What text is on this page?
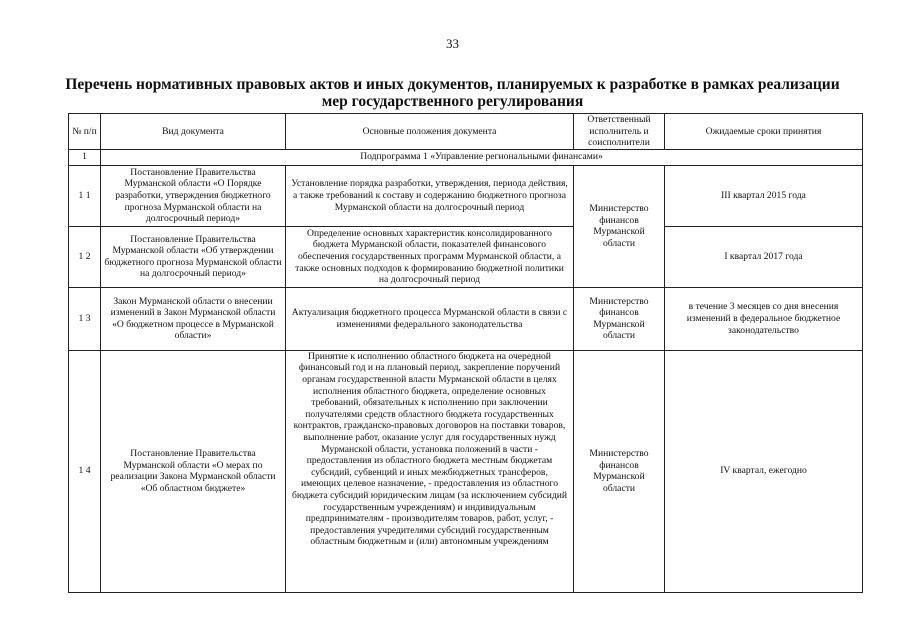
33
Перечень нормативных правовых актов и иных документов, планируемых к разработке в рамках реализации
мер государственного регулирования
№ п/п	Вид документа	Основные положения документа	Ответственный исполнитель и соисполнители	Ожидаемые сроки принятия
1	Подпрограмма 1 «Управление региональными финансами»			
1 1	Постановление Правительства Мурманской области «О Порядке разработки, утверждения бюджетного прогноза Мурманской области на долгосрочный период»	Установление порядка разработки, утверждения, периода действия, а также требований к составу и содержанию бюджетного прогноза Мурманской области на долгосрочный период	Министерство финансов Мурманской области	III квартал 2015 года
1 2	Постановление Правительства Мурманской области «Об утверждении бюджетного прогноза Мурманской области на долгосрочный период»	Определение основных характеристик консолидированного бюджета Мурманской области, показателей финансового обеспечения государственных программ Мурманской области, а также основных подходов к формированию бюджетной политики на долгосрочный период		I квартал 2017 года
1 3	Закон Мурманской области о внесении изменений в Закон Мурманской области «О бюджетном процессе в Мурманской области»	Актуализация бюджетного процесса Мурманской области в связи с изменениями федерального законодательства	Министерство финансов Мурманской области	в течение 3 месяцев со дня внесения изменений в федеральное бюджетное законодательство
1 4	Постановление Правительства Мурманской области «О мерах по реализации Закона Мурманской области «Об областном бюджете»	Принятие к исполнению областного бюджета на очередной финансовый год и на плановый период, закрепление поручений органам государственной власти Мурманской области в целях исполнения областного бюджета, определение основных требований, обязательных к исполнению при заключении получателями средств областного бюджета государственных контрактов, гражданско-правовых договоров на поставки товаров, выполнение работ, оказание услуг для государственных нужд Мурманской области, установка положений в части - предоставления из областного бюджета местным бюджетам субсидий, субвенций и иных межбюджетных трансферов, имеющих целевое назначение, - предоставления из областного бюджета субсидий юридическим лицам (за исключением субсидий государственным учреждениям) и индивидуальным предпринимателям - производителям товаров, работ, услуг, - предоставления учредителями субсидий государственным областным бюджетным и (или) автономным учреждениям	Министерство финансов Мурманской области	IV квартал, ежегодно
